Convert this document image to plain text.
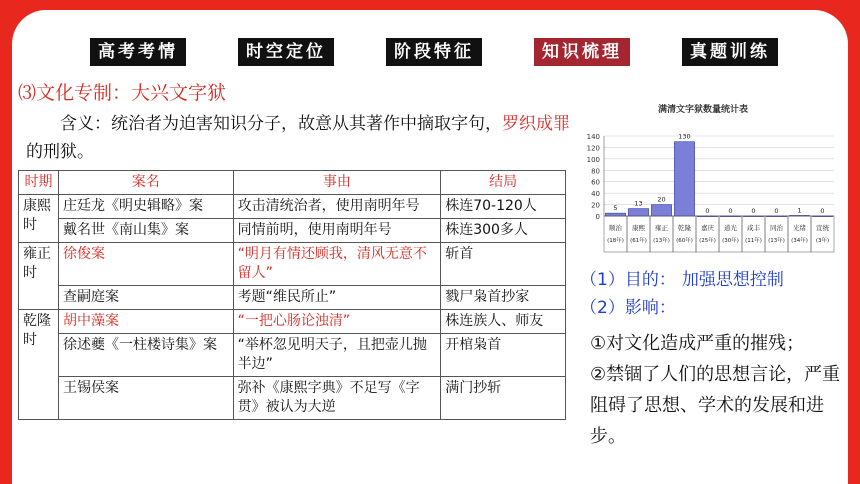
高考考情	时空定位	阶段特征	知识梳理	真题训练
⑶文化专制：大兴文字狱
含义：统治者为迫害知识分子，故意从其著作中摘取字句，罗织成罪的刑狱。
时期	案名	事由	结局
康熙时	庄廷龙《明史辑略》案	攻击清统治者，使用南明年号	株连70-120人
	戴名世《南山集》案	同情前明，使用南明年号	株连300多人
雍正时	徐俊案	“明月有情还顾我，清风无意不留人”	斩首
	查嗣庭案	考题“维民所止”	戮尸枭首抄家
乾隆时	胡中藻案	“一把心肠论浊清”	株连族人、师友
	徐述夔《一柱楼诗集》案	“举杯忽见明天子，且把壶儿抛半边”	开棺枭首
	王锡侯案	弥补《康熙字典》不足写《字贯》被认为大逆	满门抄斩
满清文字狱数量统计表
0
20
40
60
80
100
120
140
5
顺治
(18年)
13
康熙
(61年)
20
雍正
(13年)
130
乾隆
(60年)
0
嘉庆
(25年)
0
道光
(30年)
0
咸丰
(11年)
0
同治
(13年)
1
光绪
(34年)
0
宣统
(3年)
（1）目的： 加强思想控制
（2）影响：
①对文化造成严重的摧残；
②禁锢了人们的思想言论，严重阻碍了思想、学术的发展和进步。
